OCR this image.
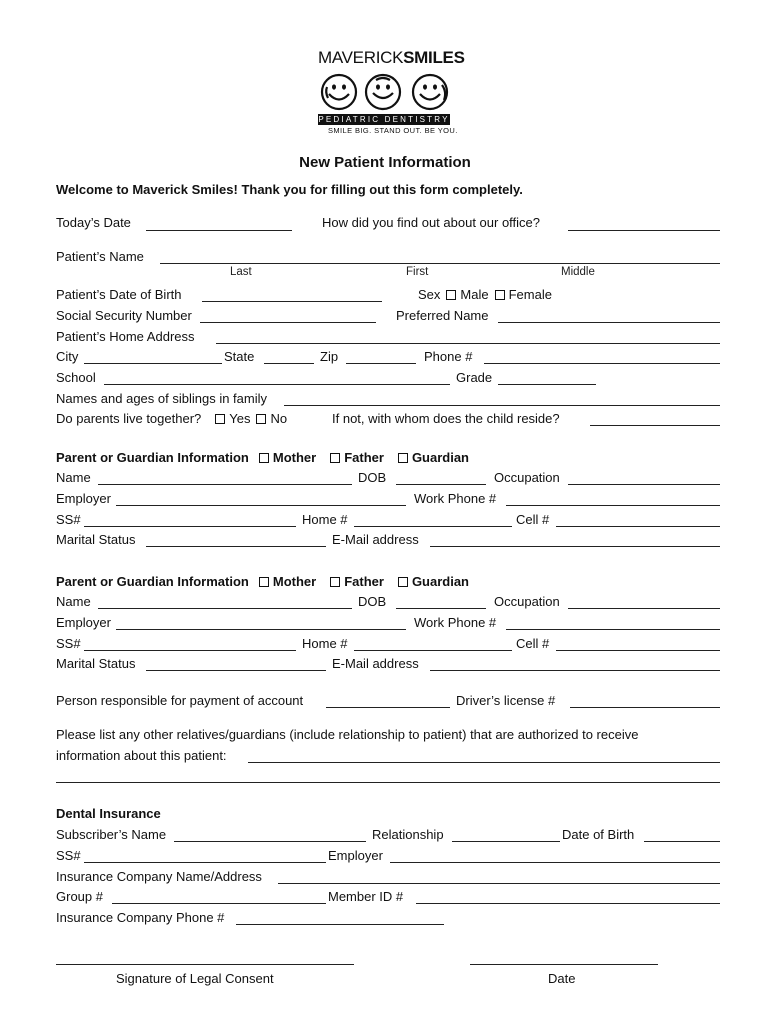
MAVERICKSMILES
PEDIATRIC DENTISTRY
SMILE BIG. STAND OUT. BE YOU.
New Patient Information
Welcome to Maverick Smiles! Thank you for filling out this form completely.
Today’s Date	How did you find out about our office?
Patient’s Name
Last	First	Middle
Patient’s Date of Birth	Sex Male Female
Social Security Number	Preferred Name
Patient’s Home Address
City	State	Zip	Phone #
School	Grade
Names and ages of siblings in family
Do parents live together? Yes No	If not, with whom does the child reside?
Parent or Guardian Information Mother Father Guardian
Name	DOB	Occupation
Employer	Work Phone #
SS#	Home #	Cell #
Marital Status	E-Mail address
Parent or Guardian Information Mother Father Guardian
Name	DOB	Occupation
Employer	Work Phone #
SS#	Home #	Cell #
Marital Status	E-Mail address
Person responsible for payment of account	Driver’s license #
Please list any other relatives/guardians (include relationship to patient) that are authorized to receive
information about this patient:
Dental Insurance
Subscriber’s Name	Relationship	Date of Birth
SS#	Employer
Insurance Company Name/Address
Group #	Member ID #
Insurance Company Phone #
Signature of Legal Consent	Date
